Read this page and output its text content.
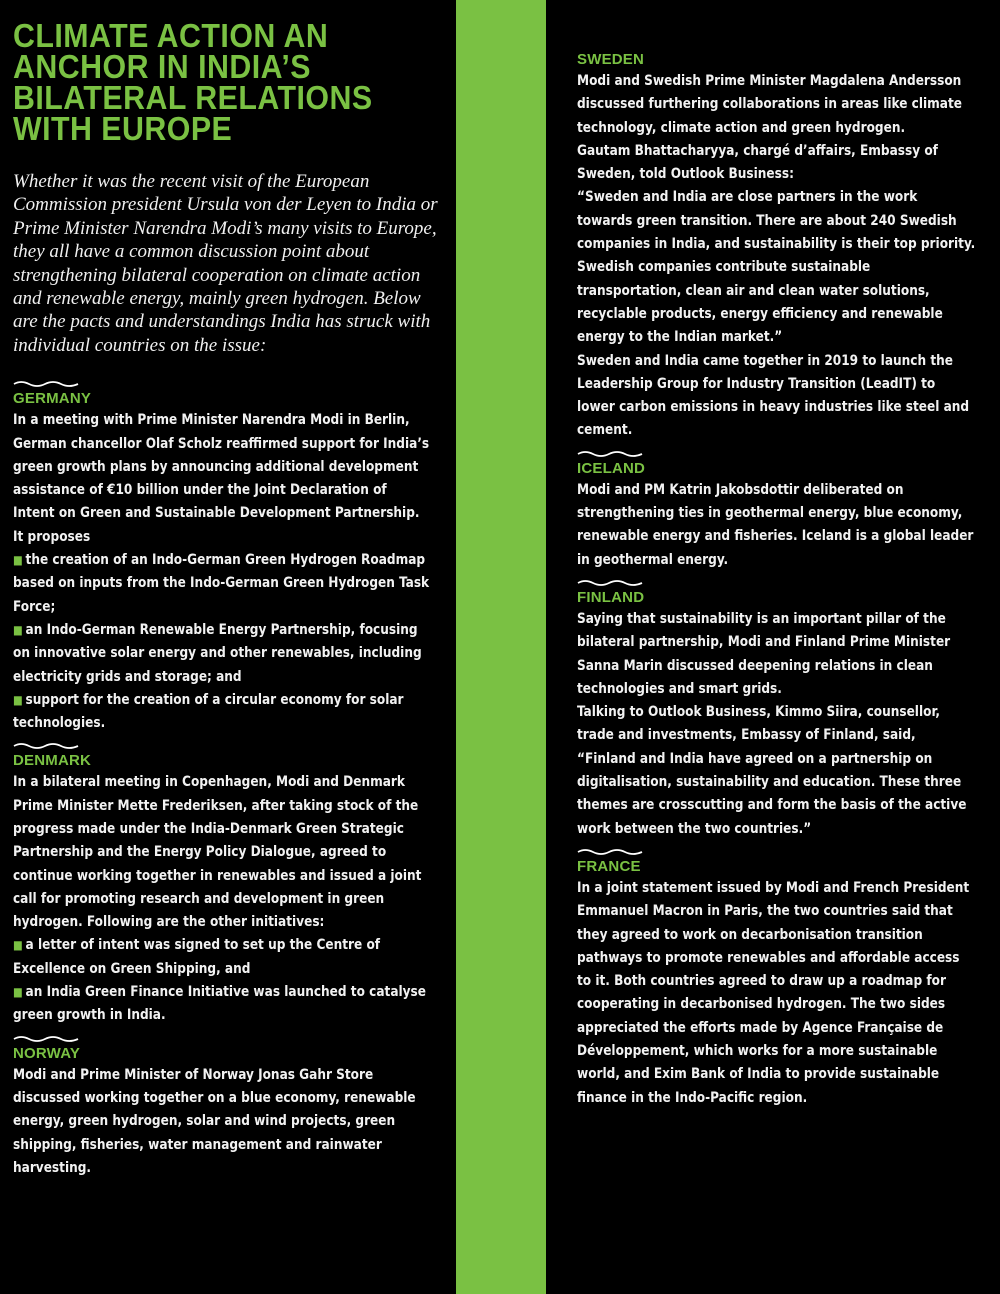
CLIMATE ACTION AN ANCHOR IN INDIA’S BILATERAL RELATIONS WITH EUROPE

Whether it was the recent visit of the European Commission president Ursula von der Leyen to India or Prime Minister Narendra Modi’s many visits to Europe, they all have a common discussion point about strengthening bilateral cooperation on climate action and renewable energy, mainly green hydrogen. Below are the pacts and understandings India has struck with individual countries on the issue:

GERMANY

In a meeting with Prime Minister Narendra Modi in Berlin, German chancellor Olaf Scholz reaffirmed support for India’s green growth plans by announcing additional development assistance of €10 billion under the Joint Declaration of Intent on Green and Sustainable Development Partnership. It proposes

■ the creation of an Indo-German Green Hydrogen Roadmap based on inputs from the Indo-German Green Hydrogen Task Force;

■ an Indo-German Renewable Energy Partnership, focusing on innovative solar energy and other renewables, including electricity grids and storage; and

■ support for the creation of a circular economy for solar technologies.

DENMARK

In a bilateral meeting in Copenhagen, Modi and Denmark Prime Minister Mette Frederiksen, after taking stock of the progress made under the India-Denmark Green Strategic Partnership and the Energy Policy Dialogue, agreed to continue working together in renewables and issued a joint call for promoting research and development in green hydrogen. Following are the other initiatives:

■ a letter of intent was signed to set up the Centre of Excellence on Green Shipping, and

■ an India Green Finance Initiative was launched to catalyse green growth in India.

NORWAY

Modi and Prime Minister of Norway Jonas Gahr Store discussed working together on a blue economy, renewable energy, green hydrogen, solar and wind projects, green shipping, fisheries, water management and rainwater harvesting.

SWEDEN

Modi and Swedish Prime Minister Magdalena Andersson discussed furthering collaborations in areas like climate technology, climate action and green hydrogen.

Gautam Bhattacharyya, chargé d’affairs, Embassy of Sweden, told Outlook Business:

“Sweden and India are close partners in the work towards green transition. There are about 240 Swedish companies in India, and sustainability is their top priority. Swedish companies contribute sustainable transportation, clean air and clean water solutions, recyclable products, energy efficiency and renewable energy to the Indian market.”

Sweden and India came together in 2019 to launch the Leadership Group for Industry Transition (LeadIT) to lower carbon emissions in heavy industries like steel and cement.

ICELAND

Modi and PM Katrin Jakobsdottir deliberated on strengthening ties in geothermal energy, blue economy, renewable energy and fisheries. Iceland is a global leader in geothermal energy.

FINLAND

Saying that sustainability is an important pillar of the bilateral partnership, Modi and Finland Prime Minister Sanna Marin discussed deepening relations in clean technologies and smart grids.

Talking to Outlook Business, Kimmo Siira, counsellor, trade and investments, Embassy of Finland, said,

“Finland and India have agreed on a partnership on digitalisation, sustainability and education. These three themes are crosscutting and form the basis of the active work between the two countries.”

FRANCE

In a joint statement issued by Modi and French President Emmanuel Macron in Paris, the two countries said that they agreed to work on decarbonisation transition pathways to promote renewables and affordable access to it. Both countries agreed to draw up a roadmap for cooperating in decarbonised hydrogen. The two sides appreciated the efforts made by Agence Française de Développement, which works for a more sustainable world, and Exim Bank of India to provide sustainable finance in the Indo-Pacific region.
